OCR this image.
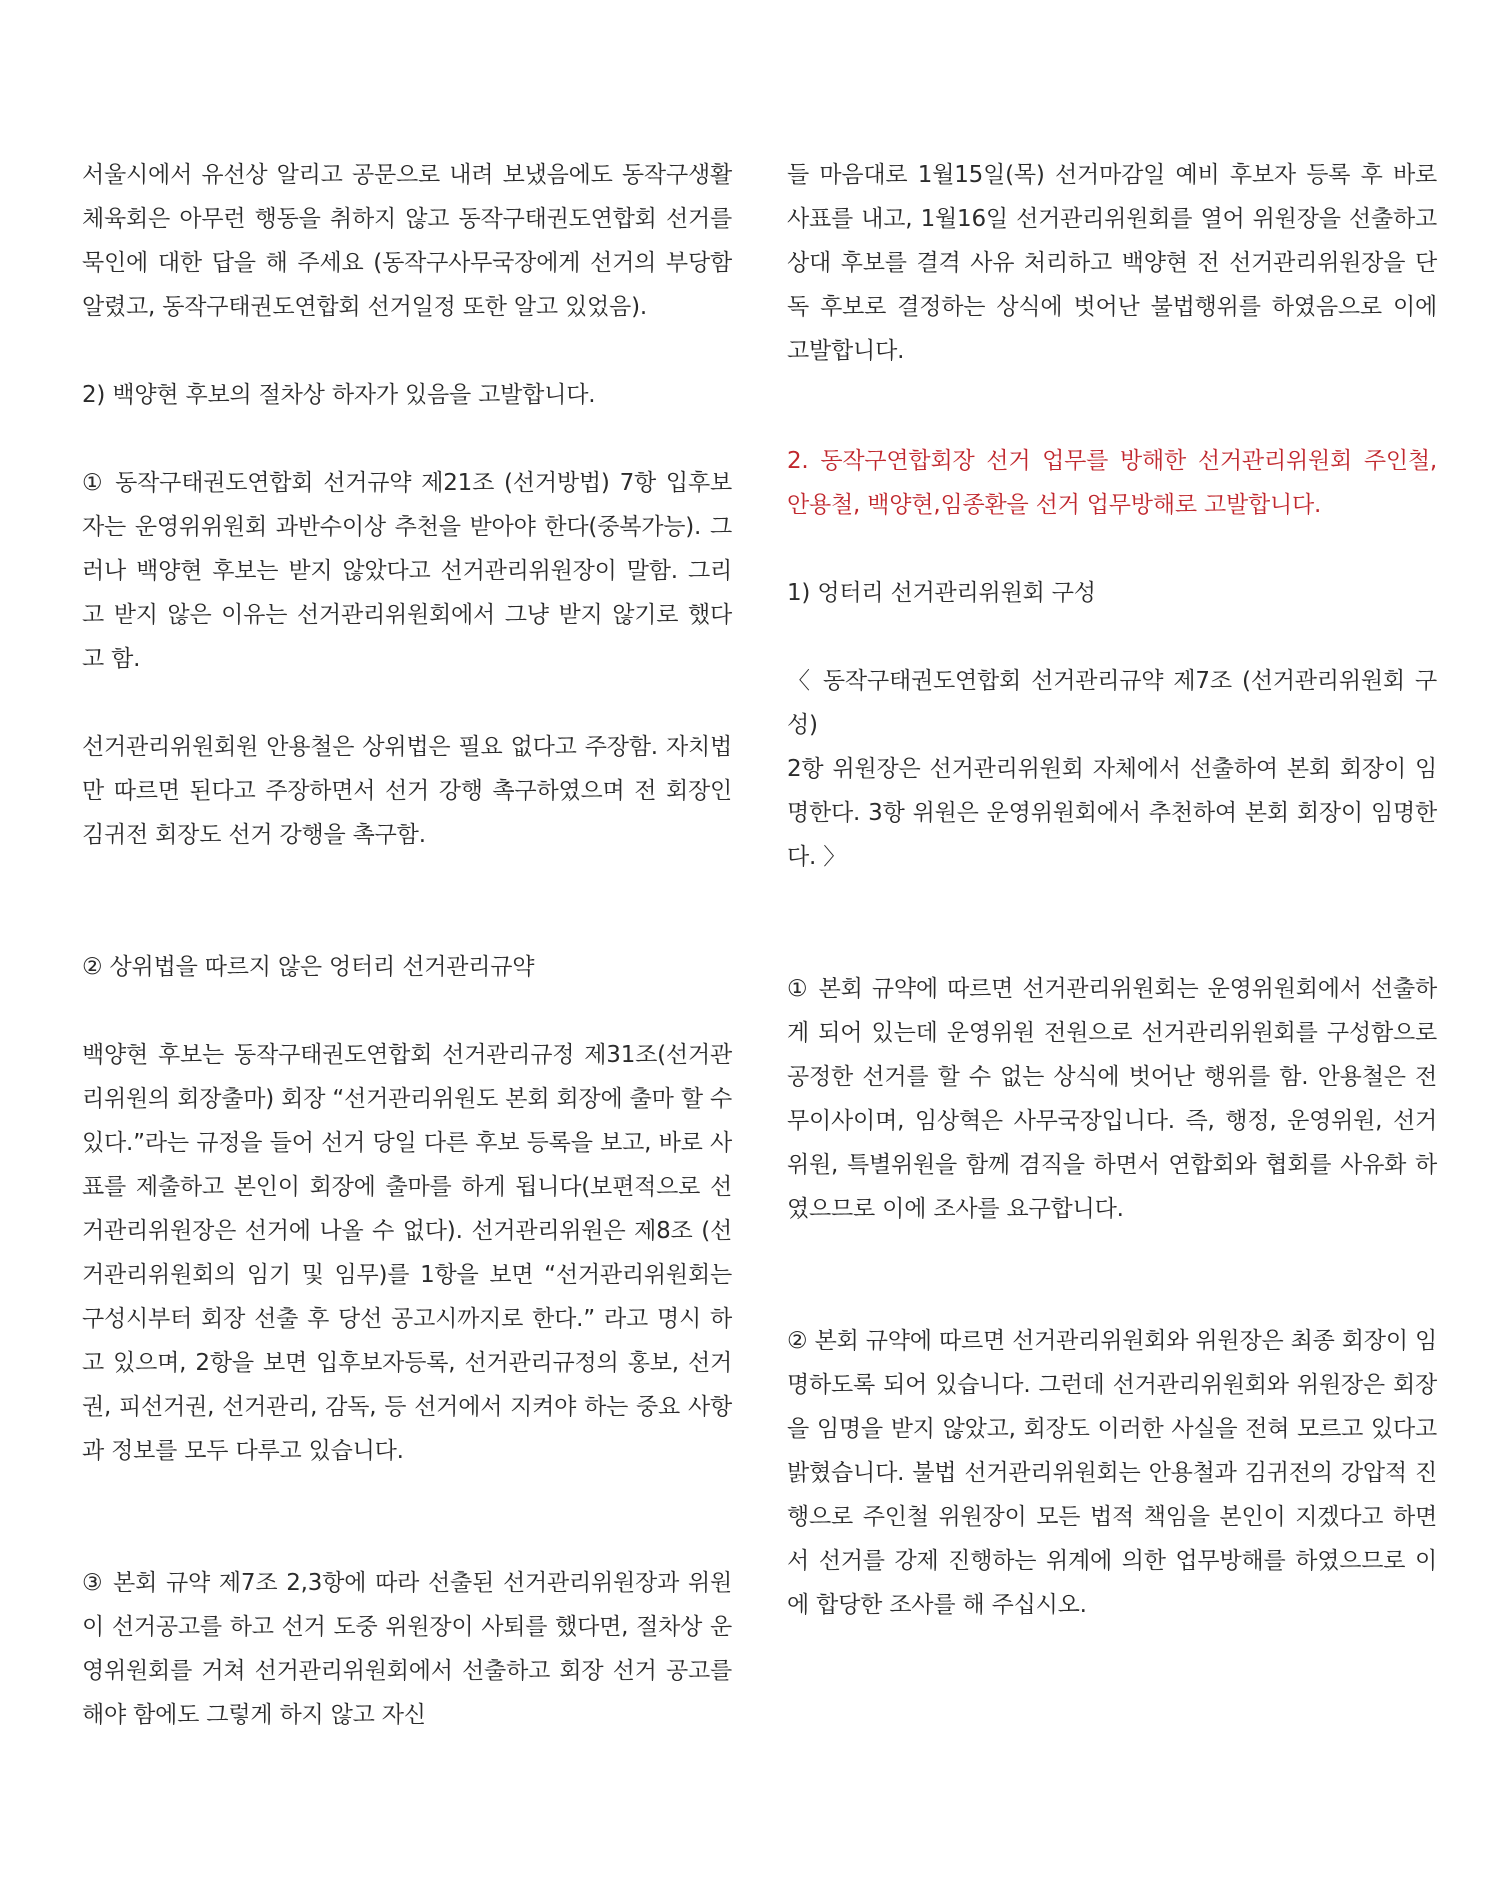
서울시에서 유선상 알리고 공문으로 내려 보냈음에도 동작구생활체육회은 아무런 행동을 취하지 않고 동작구태권도연합회 선거를 묵인에 대한 답을 해 주세요 (동작구사무국장에게 선거의 부당함 알렸고, 동작구태권도연합회 선거일정 또한 알고 있었음).

2) 백양현 후보의 절차상 하자가 있음을 고발합니다.

① 동작구태권도연합회 선거규약 제21조 (선거방법) 7항 입후보자는 운영위위원회 과반수이상 추천을 받아야 한다(중복가능). 그러나 백양현 후보는 받지 않았다고 선거관리위원장이 말함. 그리고 받지 않은 이유는 선거관리위원회에서 그냥 받지 않기로 했다고 함.

선거관리위원회원 안용철은 상위법은 필요 없다고 주장함. 자치법만 따르면 된다고 주장하면서 선거 강행 촉구하였으며 전 회장인 김귀전 회장도 선거 강행을 촉구함.

② 상위법을 따르지 않은 엉터리 선거관리규약

백양현 후보는 동작구태권도연합회 선거관리규정 제31조(선거관리위원의 회장출마) 회장 “선거관리위원도 본회 회장에 출마 할 수 있다.”라는 규정을 들어 선거 당일 다른 후보 등록을 보고, 바로 사표를 제출하고 본인이 회장에 출마를 하게 됩니다(보편적으로 선거관리위원장은 선거에 나올 수 없다). 선거관리위원은 제8조 (선거관리위원회의 임기 및 임무)를 1항을 보면 “선거관리위원회는 구성시부터 회장 선출 후 당선 공고시까지로 한다.” 라고 명시 하고 있으며, 2항을 보면 입후보자등록, 선거관리규정의 홍보, 선거권, 피선거권, 선거관리, 감독, 등 선거에서 지켜야 하는 중요 사항과 정보를 모두 다루고 있습니다.

③ 본회 규약 제7조 2,3항에 따라 선출된 선거관리위원장과 위원이 선거공고를 하고 선거 도중 위원장이 사퇴를 했다면, 절차상 운영위원회를 거쳐 선거관리위원회에서 선출하고 회장 선거 공고를 해야 함에도 그렇게 하지 않고 자신

들 마음대로 1월15일(목) 선거마감일 예비 후보자 등록 후 바로 사표를 내고, 1월16일 선거관리위원회를 열어 위원장을 선출하고 상대 후보를 결격 사유 처리하고 백양현 전 선거관리위원장을 단독 후보로 결정하는 상식에 벗어난 불법행위를 하였음으로 이에 고발합니다.

2. 동작구연합회장 선거 업무를 방해한 선거관리위원회 주인철, 안용철, 백양현,임종환을 선거 업무방해로 고발합니다.

1) 엉터리 선거관리위원회 구성

〈 동작구태권도연합회 선거관리규약 제7조 (선거관리위원회 구성)

2항 위원장은 선거관리위원회 자체에서 선출하여 본회 회장이 임명한다. 3항 위원은 운영위원회에서 추천하여 본회 회장이 임명한다. 〉

① 본회 규약에 따르면 선거관리위원회는 운영위원회에서 선출하게 되어 있는데 운영위원 전원으로 선거관리위원회를 구성함으로 공정한 선거를 할 수 없는 상식에 벗어난 행위를 함. 안용철은 전무이사이며, 임상혁은 사무국장입니다. 즉, 행정, 운영위원, 선거위원, 특별위원을 함께 겸직을 하면서 연합회와 협회를 사유화 하였으므로 이에 조사를 요구합니다.

② 본회 규약에 따르면 선거관리위원회와 위원장은 최종 회장이 임명하도록 되어 있습니다. 그런데 선거관리위원회와 위원장은 회장을 임명을 받지 않았고, 회장도 이러한 사실을 전혀 모르고 있다고 밝혔습니다. 불법 선거관리위원회는 안용철과 김귀전의 강압적 진행으로 주인철 위원장이 모든 법적 책임을 본인이 지겠다고 하면서 선거를 강제 진행하는 위계에 의한 업무방해를 하였으므로 이에 합당한 조사를 해 주십시오.
